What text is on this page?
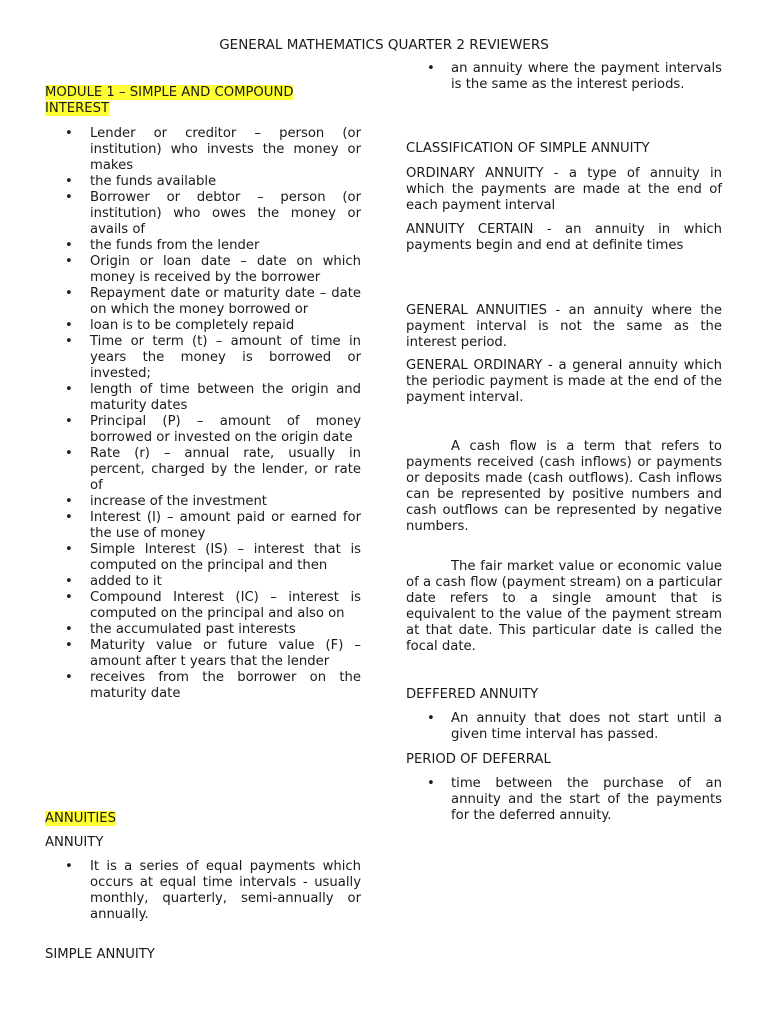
GENERAL MATHEMATICS QUARTER 2 REVIEWERS
MODULE 1 – SIMPLE AND COMPOUND INTEREST
• Lender or creditor – person (or institution) who invests the money or makes
• the funds available
• Borrower or debtor – person (or institution) who owes the money or avails of
• the funds from the lender
• Origin or loan date – date on which money is received by the borrower
• Repayment date or maturity date – date on which the money borrowed or
• loan is to be completely repaid
• Time or term (t) – amount of time in years the money is borrowed or invested;
• length of time between the origin and maturity dates
• Principal (P) – amount of money borrowed or invested on the origin date
• Rate (r) – annual rate, usually in percent, charged by the lender, or rate of
• increase of the investment
• Interest (I) – amount paid or earned for the use of money
• Simple Interest (IS) – interest that is computed on the principal and then
• added to it
• Compound Interest (IC) – interest is computed on the principal and also on
• the accumulated past interests
• Maturity value or future value (F) – amount after t years that the lender
• receives from the borrower on the maturity date
ANNUITIES
ANNUITY
• It is a series of equal payments which occurs at equal time intervals - usually monthly, quarterly, semi-annually or annually.
SIMPLE ANNUITY
• an annuity where the payment intervals is the same as the interest periods.
CLASSIFICATION OF SIMPLE ANNUITY

ORDINARY ANNUITY - a type of annuity in which the payments are made at the end of each payment interval

ANNUITY CERTAIN - an annuity in which payments begin and end at definite times

GENERAL ANNUITIES - an annuity where the payment interval is not the same as the interest period.

GENERAL ORDINARY - a general annuity which the periodic payment is made at the end of the payment interval.

A cash flow is a term that refers to payments received (cash inflows) or payments or deposits made (cash outflows). Cash inflows can be represented by positive numbers and cash outflows can be represented by negative numbers.

The fair market value or economic value of a cash flow (payment stream) on a particular date refers to a single amount that is equivalent to the value of the payment stream at that date. This particular date is called the focal date.

DEFFERED ANNUITY
• An annuity that does not start until a given time interval has passed.
PERIOD OF DEFERRAL
• time between the purchase of an annuity and the start of the payments for the deferred annuity.
